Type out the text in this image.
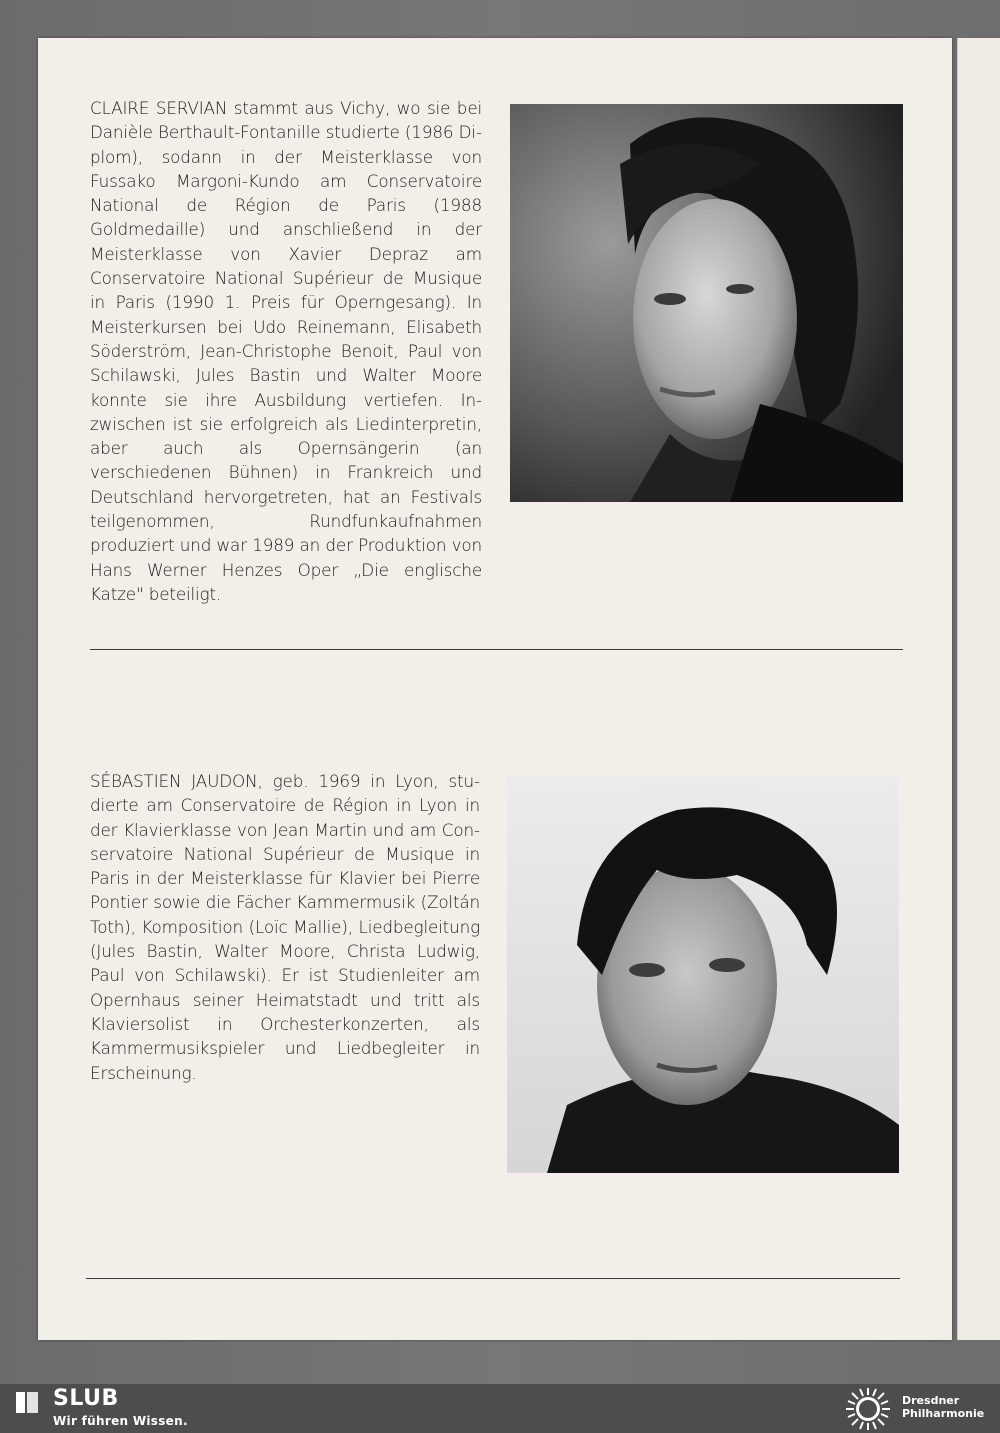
CLAIRE SERVIAN stammt aus Vichy, wo sie bei Danièle Berthault-Fontanille studierte (1986 Diplom), sodann in der Meisterklasse von Fussako Margoni-Kundo am Conservatoire National de Région de Paris (1988 Goldmedaille) und anschließend in der Meisterklasse von Xavier Depraz am Conservatoire National Supérieur de Musique in Paris (1990 1. Preis für Operngesang). In Meisterkursen bei Udo Reinemann, Elisabeth Söderström, Jean-Christophe Benoit, Paul von Schilawski, Jules Bastin und Walter Moore konnte sie ihre Ausbildung vertiefen. Inzwischen ist sie erfolgreich als Liedinterpretin, aber auch als Opernsängerin (an verschiedenen Bühnen) in Frankreich und Deutschland hervorgetreten, hat an Festivals teilgenommen, Rundfunkaufnahmen produziert und war 1989 an der Produktion von Hans Werner Henzes Oper „Die englische Katze" beteiligt.

SÉBASTIEN JAUDON, geb. 1969 in Lyon, studierte am Conservatoire de Région in Lyon in der Klavierklasse von Jean Martin und am Conservatoire National Supérieur de Musique in Paris in der Meisterklasse für Klavier bei Pierre Pontier sowie die Fächer Kammermusik (Zoltán Toth), Komposition (Loïc Mallie), Liedbegleitung (Jules Bastin, Walter Moore, Christa Ludwig, Paul von Schilawski). Er ist Studienleiter am Opernhaus seiner Heimatstadt und tritt als Klaviersolist in Orchesterkonzerten, als Kammermusikspieler und Liedbegleiter in Erscheinung.

SLUB
Wir führen Wissen.
Dresdner
Philharmonie
